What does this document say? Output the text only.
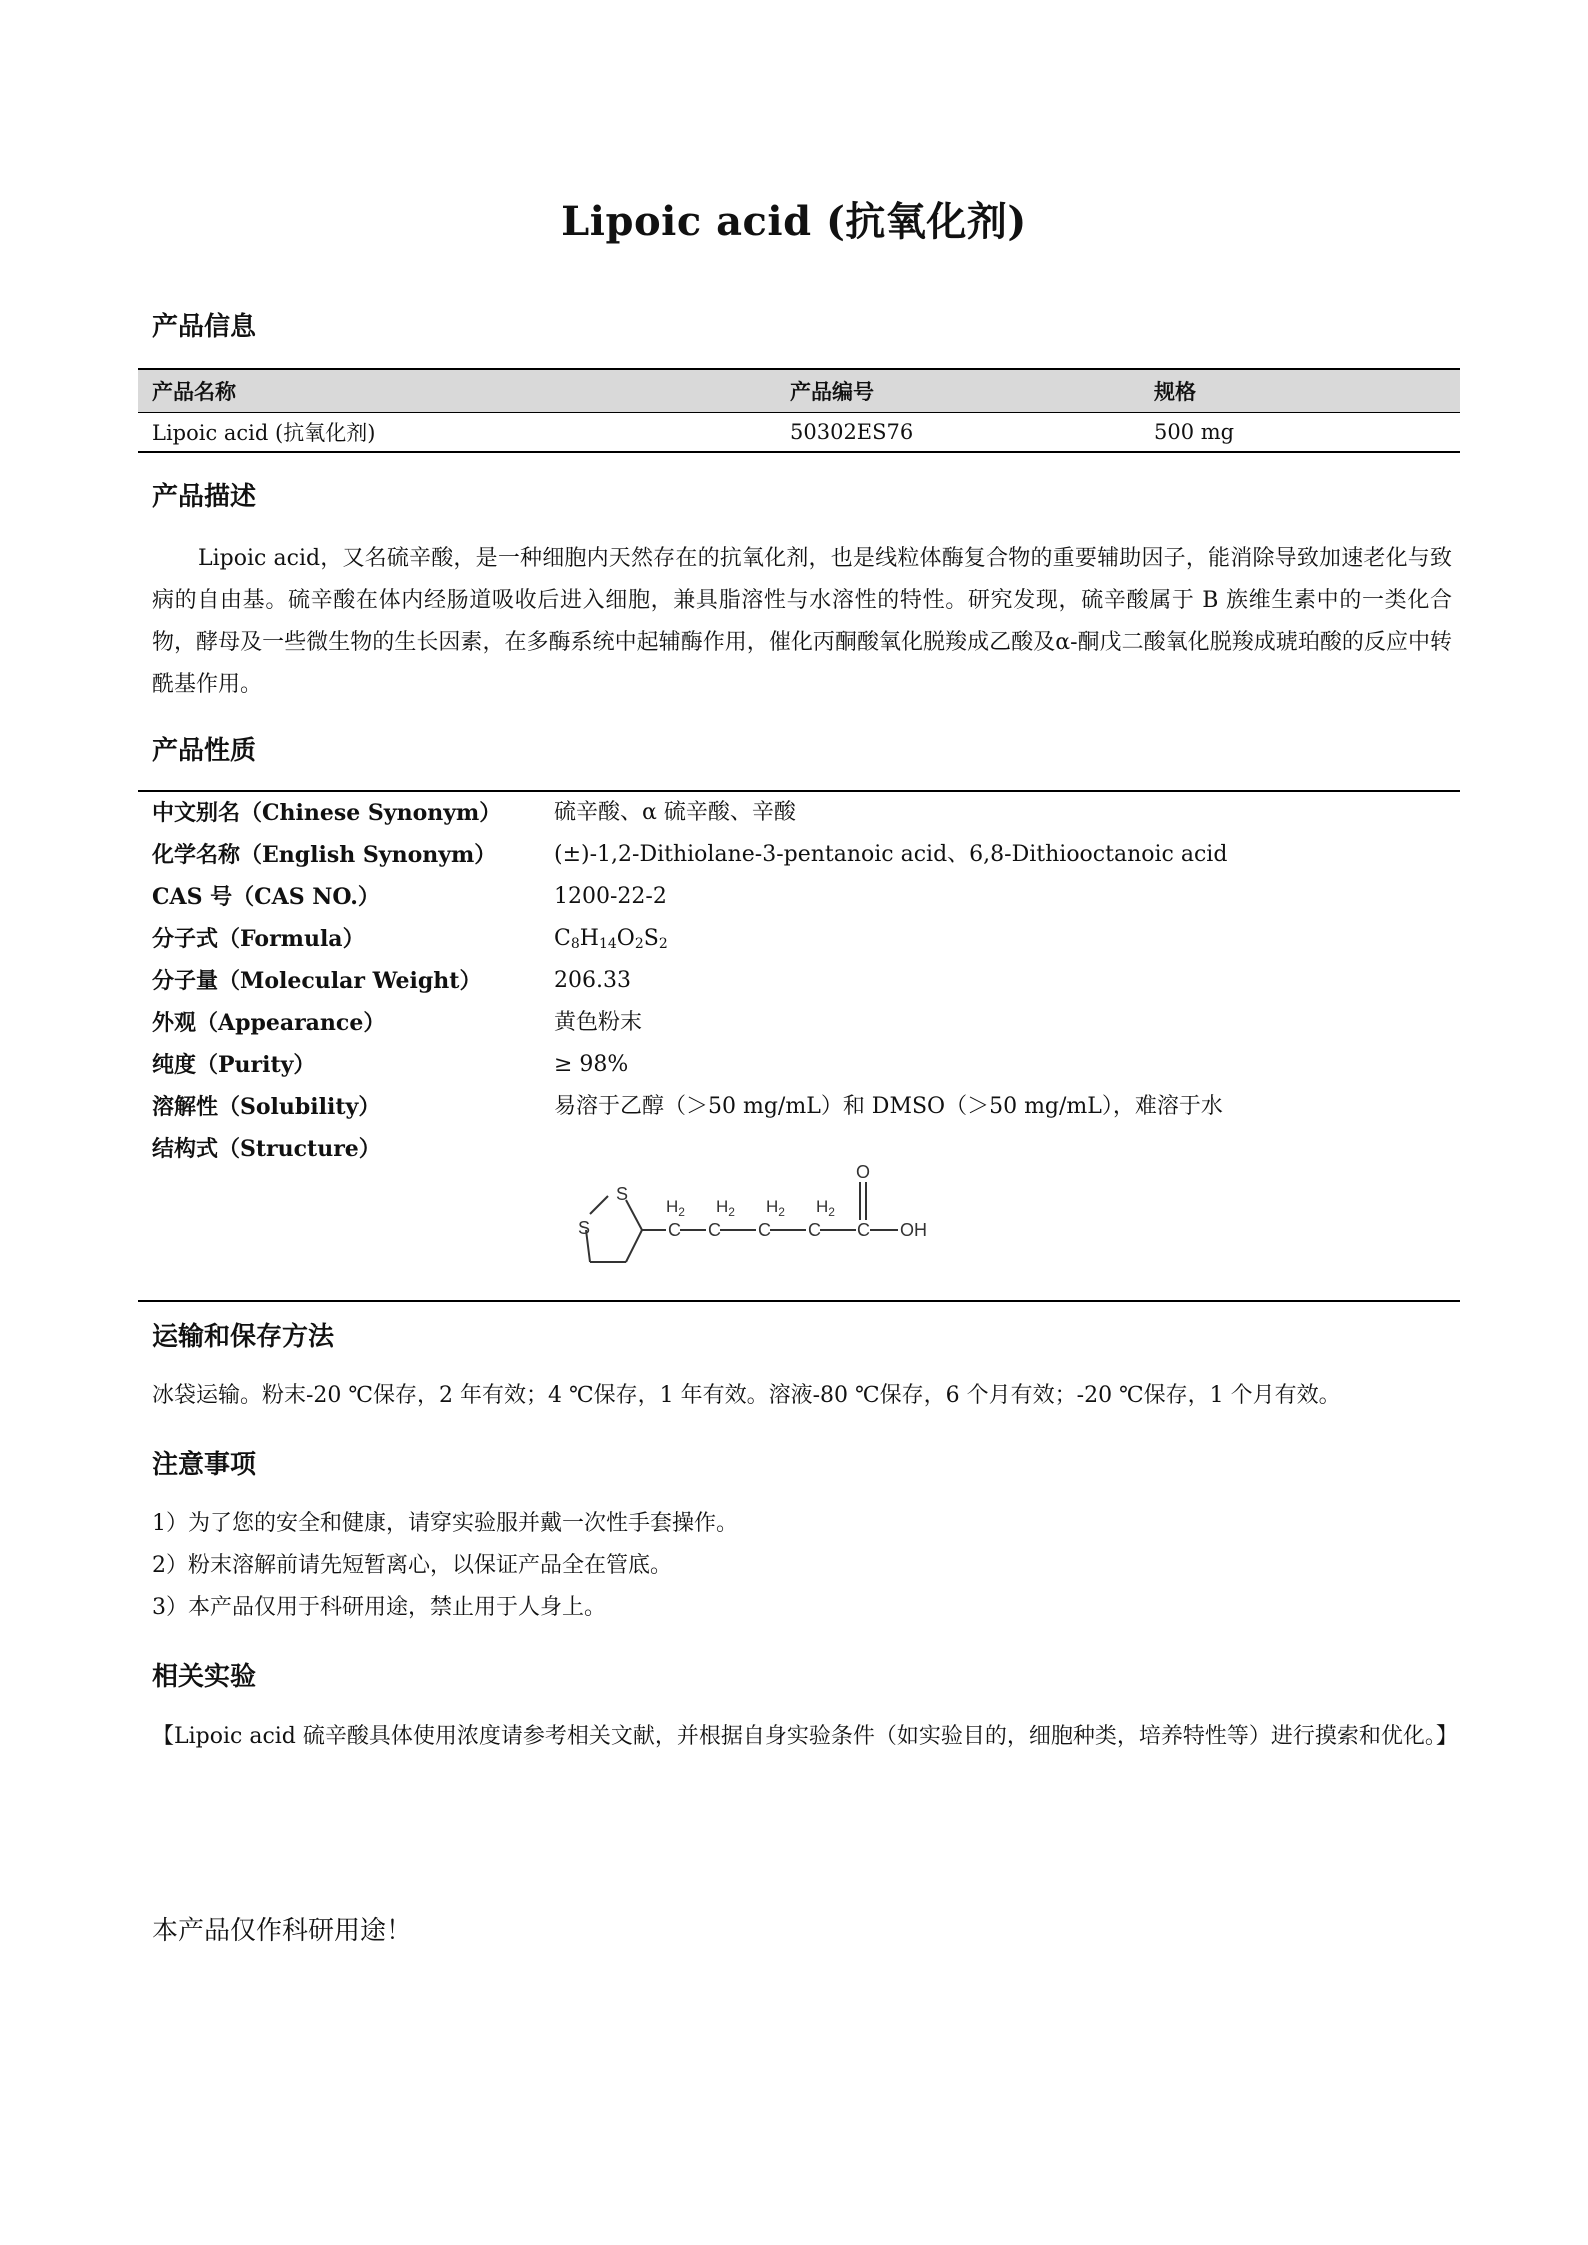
Lipoic acid (抗氧化剂)
产品信息
产品名称	产品编号	规格
Lipoic acid (抗氧化剂)	50302ES76	500 mg
产品描述
Lipoic acid，又名硫辛酸，是一种细胞内天然存在的抗氧化剂，也是线粒体酶复合物的重要辅助因子，能消除导致加速老化与致病的自由基。硫辛酸在体内经肠道吸收后进入细胞，兼具脂溶性与水溶性的特性。研究发现，硫辛酸属于 B 族维生素中的一类化合物，酵母及一些微生物的生长因素，在多酶系统中起辅酶作用，催化丙酮酸氧化脱羧成乙酸及α-酮戊二酸氧化脱羧成琥珀酸的反应中转酰基作用。
产品性质
中文别名（Chinese Synonym） 硫辛酸、α 硫辛酸、辛酸
化学名称（English Synonym）	(±)-1,2-Dithiolane-3-pentanoic acid、6,8-Dithiooctanoic acid
CAS 号（CAS NO.）	1200-22-2
分子式（Formula）	$C_8H_{14}O_2S_2$
分子量（Molecular Weight）	206.33
外观（Appearance）	黄色粉末
纯度（Purity）	≥ 98%
溶解性（Solubility）	易溶于乙醇（＞50 mg/mL）和 DMSO（＞50 mg/mL），难溶于水
结构式（Structure）
S
S
$H_2$ $H_2$ $H_2$ $H_2$
C C C C C
O
OH
运输和保存方法
冰袋运输。粉末-20 ℃保存，2 年有效；4 ℃保存，1 年有效。溶液-80 ℃保存，6 个月有效；-20 ℃保存，1 个月有效。
注意事项
1）为了您的安全和健康，请穿实验服并戴一次性手套操作。
2）粉末溶解前请先短暂离心，以保证产品全在管底。
3）本产品仅用于科研用途，禁止用于人身上。
相关实验
【Lipoic acid 硫辛酸具体使用浓度请参考相关文献，并根据自身实验条件（如实验目的，细胞种类，培养特性等）进行摸索和优化。】
本产品仅作科研用途！
